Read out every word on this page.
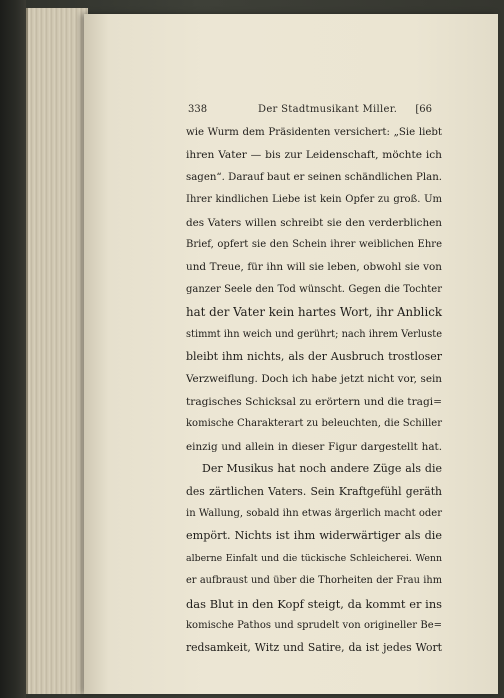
338	Der Stadtmusikant Miller. [66
wie Wurm dem Präsidenten versichert: „Sie liebt
ihren Vater — bis zur Leidenschaft, möchte ich
sagen“. Darauf baut er seinen schändlichen Plan.
Ihrer kindlichen Liebe ist kein Opfer zu groß. Um
des Vaters willen schreibt sie den verderblichen
Brief, opfert sie den Schein ihrer weiblichen Ehre
und Treue, für ihn will sie leben, obwohl sie von
ganzer Seele den Tod wünscht. Gegen die Tochter
hat der Vater kein hartes Wort, ihr Anblick
stimmt ihn weich und gerührt; nach ihrem Verluste
bleibt ihm nichts, als der Ausbruch trostloser
Verzweiflung. Doch ich habe jetzt nicht vor, sein
tragisches Schicksal zu erörtern und die tragi=
komische Charakterart zu beleuchten, die Schiller
einzig und allein in dieser Figur dargestellt hat.
Der Musikus hat noch andere Züge als die
des zärtlichen Vaters. Sein Kraftgefühl geräth
in Wallung, sobald ihn etwas ärgerlich macht oder
empört. Nichts ist ihm widerwärtiger als die
alberne Einfalt und die tückische Schleicherei. Wenn
er aufbraust und über die Thorheiten der Frau ihm
das Blut in den Kopf steigt, da kommt er ins
komische Pathos und sprudelt von origineller Be=
redsamkeit, Witz und Satire, da ist jedes Wort
